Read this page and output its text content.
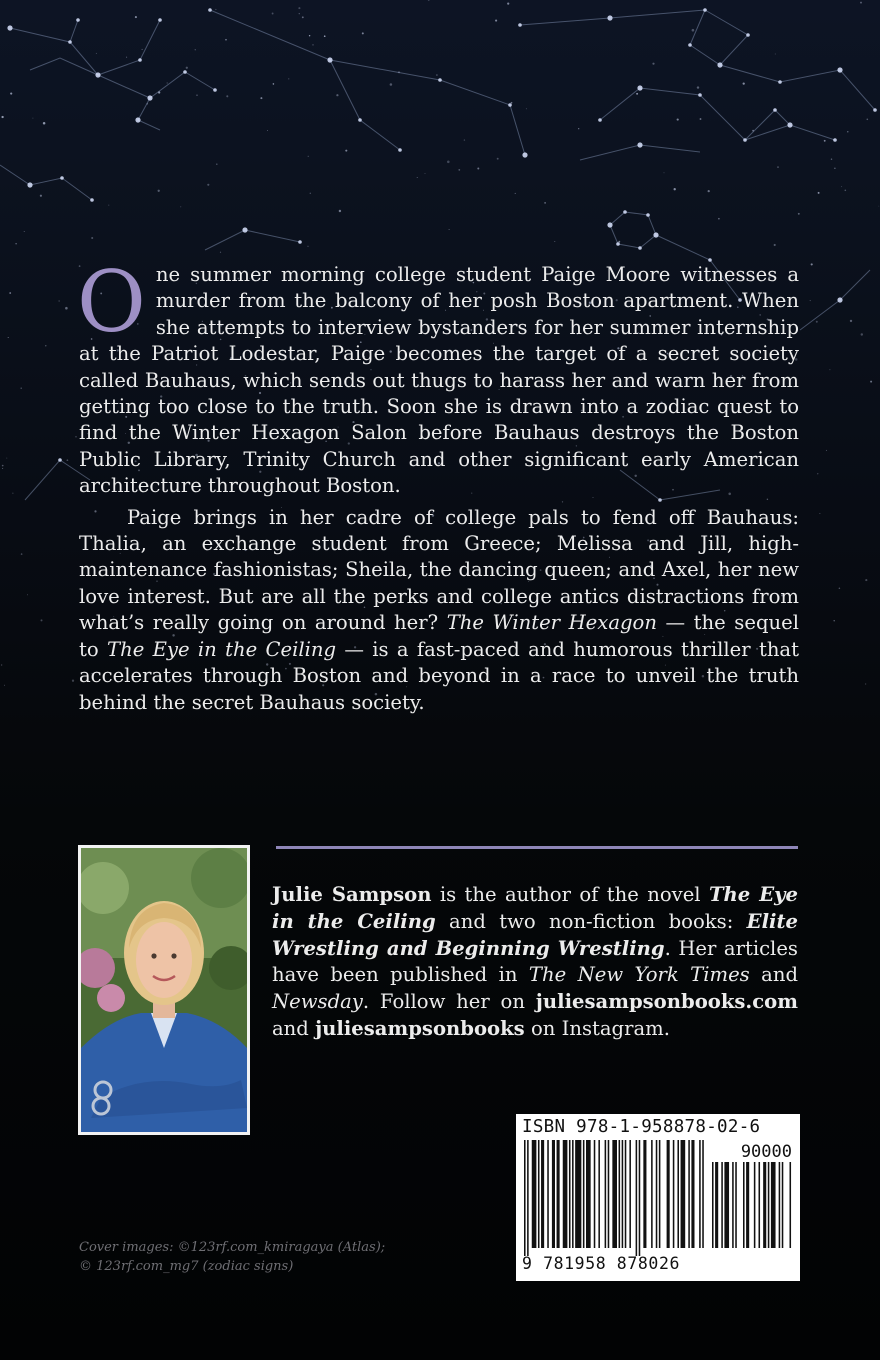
One summer morning college student Paige Moore witnesses a murder from the balcony of her posh Boston apartment. When she attempts to interview bystanders for her summer internship at the Patriot Lodestar, Paige becomes the target of a secret society called Bauhaus, which sends out thugs to harass her and warn her from getting too close to the truth. Soon she is drawn into a zodiac quest to find the Winter Hexagon Salon before Bauhaus destroys the Boston Public Library, Trinity Church and other significant early American architecture throughout Boston.

Paige brings in her cadre of college pals to fend off Bauhaus: Thalia, an exchange student from Greece; Melissa and Jill, high-maintenance fashionistas; Sheila, the dancing queen; and Axel, her new love interest. But are all the perks and college antics distractions from what’s really going on around her? The Winter Hexagon — the sequel to The Eye in the Ceiling — is a fast-paced and humorous thriller that accelerates through Boston and beyond in a race to unveil the truth behind the secret Bauhaus society.

Julie Sampson is the author of the novel The Eye in the Ceiling and two non-fiction books: Elite Wrestling and Beginning Wrestling. Her articles have been published in The New York Times and Newsday. Follow her on juliesampsonbooks.com and juliesampsonbooks on Instagram.

Cover images: ©123rf.com_kmiragaya (Atlas);

© 123rf.com_mg7 (zodiac signs)

ISBN 978-1-958878-02-6
90000
9 781958 878026
